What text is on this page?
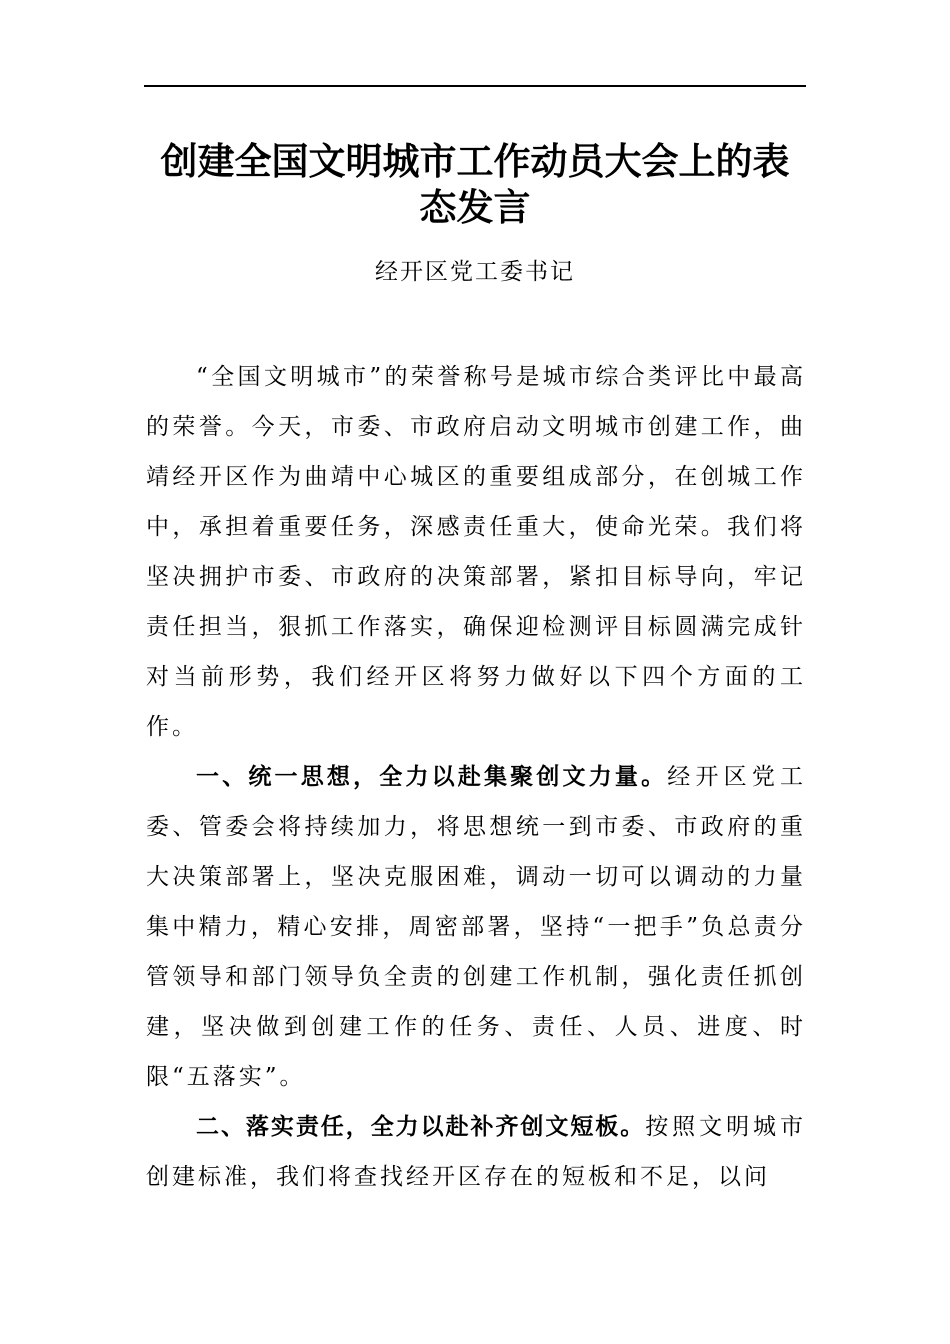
创建全国文明城市工作动员大会上的表态发言

经开区党工委书记

“全国文明城市”的荣誉称号是城市综合类评比中最高的荣誉。今天，市委、市政府启动文明城市创建工作，曲靖经开区作为曲靖中心城区的重要组成部分，在创城工作中，承担着重要任务，深感责任重大，使命光荣。我们将坚决拥护市委、市政府的决策部署，紧扣目标导向，牢记责任担当，狠抓工作落实，确保迎检测评目标圆满完成针对当前形势，我们经开区将努力做好以下四个方面的工作。

一、统一思想，全力以赴集聚创文力量。经开区党工委、管委会将持续加力，将思想统一到市委、市政府的重大决策部署上，坚决克服困难，调动一切可以调动的力量集中精力，精心安排，周密部署，坚持“一把手”负总责分管领导和部门领导负全责的创建工作机制，强化责任抓创建，坚决做到创建工作的任务、责任、人员、进度、时限“五落实”。

二、落实责任，全力以赴补齐创文短板。按照文明城市创建标准，我们将查找经开区存在的短板和不足，以问
